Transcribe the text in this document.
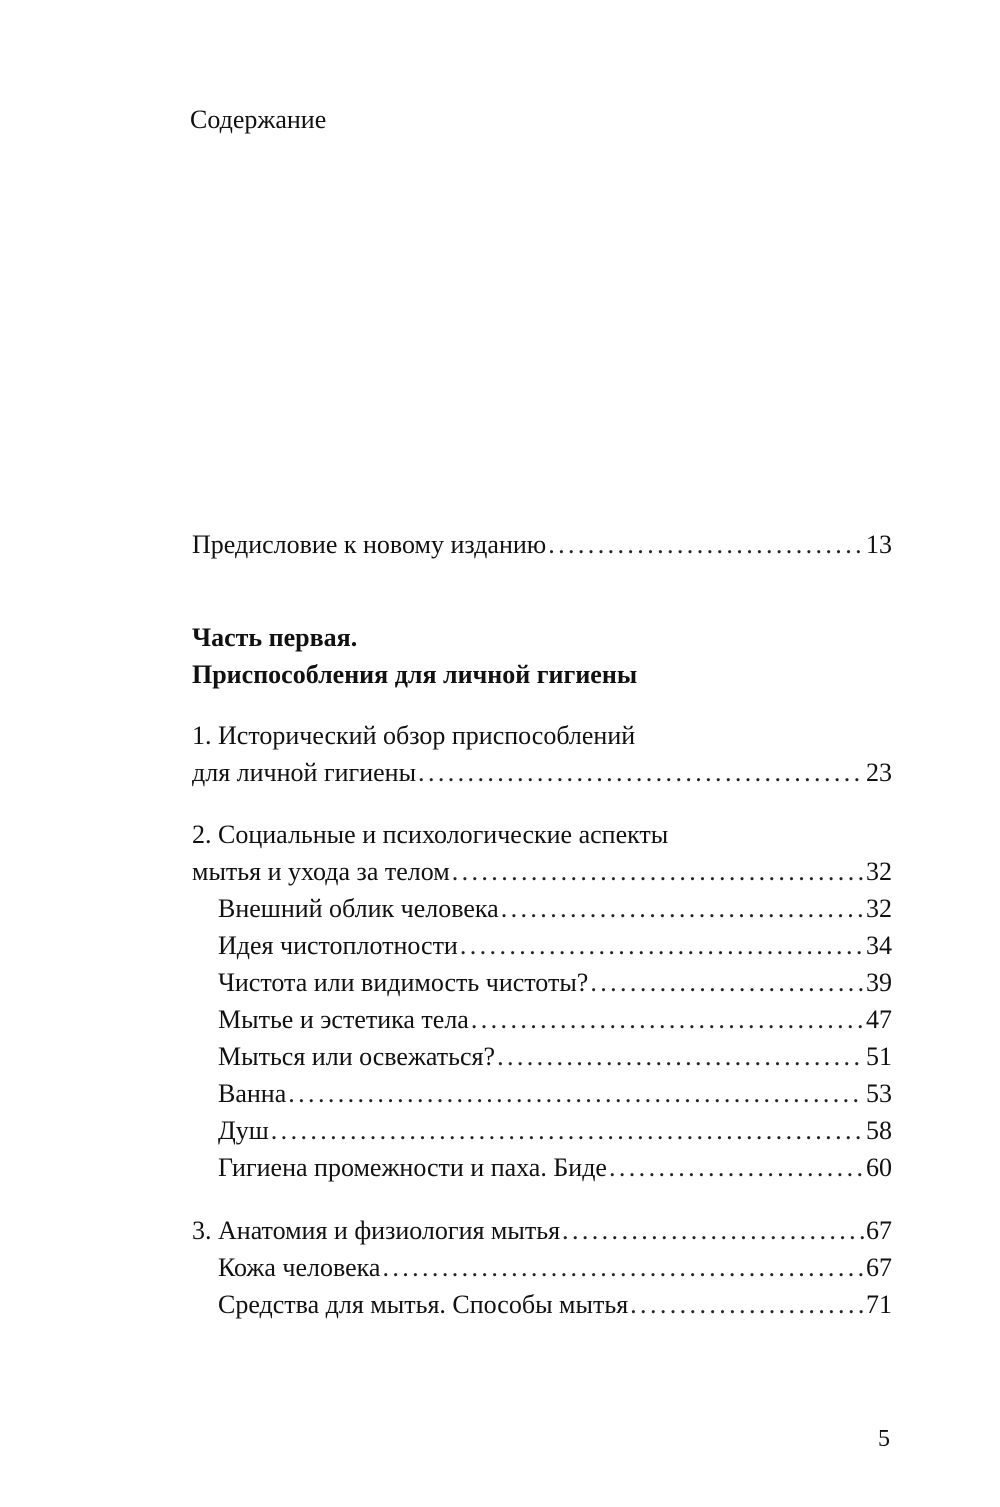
Содержание
Предисловие к новому изданию .....	13
Часть первая.
Приспособления для личной гигиены
1. Исторический обзор приспособлений
для личной гигиены .....	23
2. Социальные и психологические аспекты
мытья и ухода за телом .....	32
Внешний облик человека .....	32
Идея чистоплотности .....	34
Чистота или видимость чистоты? .....	39
Мытье и эстетика тела .....	47
Мыться или освежаться? .....	51
Ванна .....	53
Душ .....	58
Гигиена промежности и паха. Биде .....	60
3. Анатомия и физиология мытья .....	67
Кожа человека .....	67
Средства для мытья. Способы мытья .....	71
5
